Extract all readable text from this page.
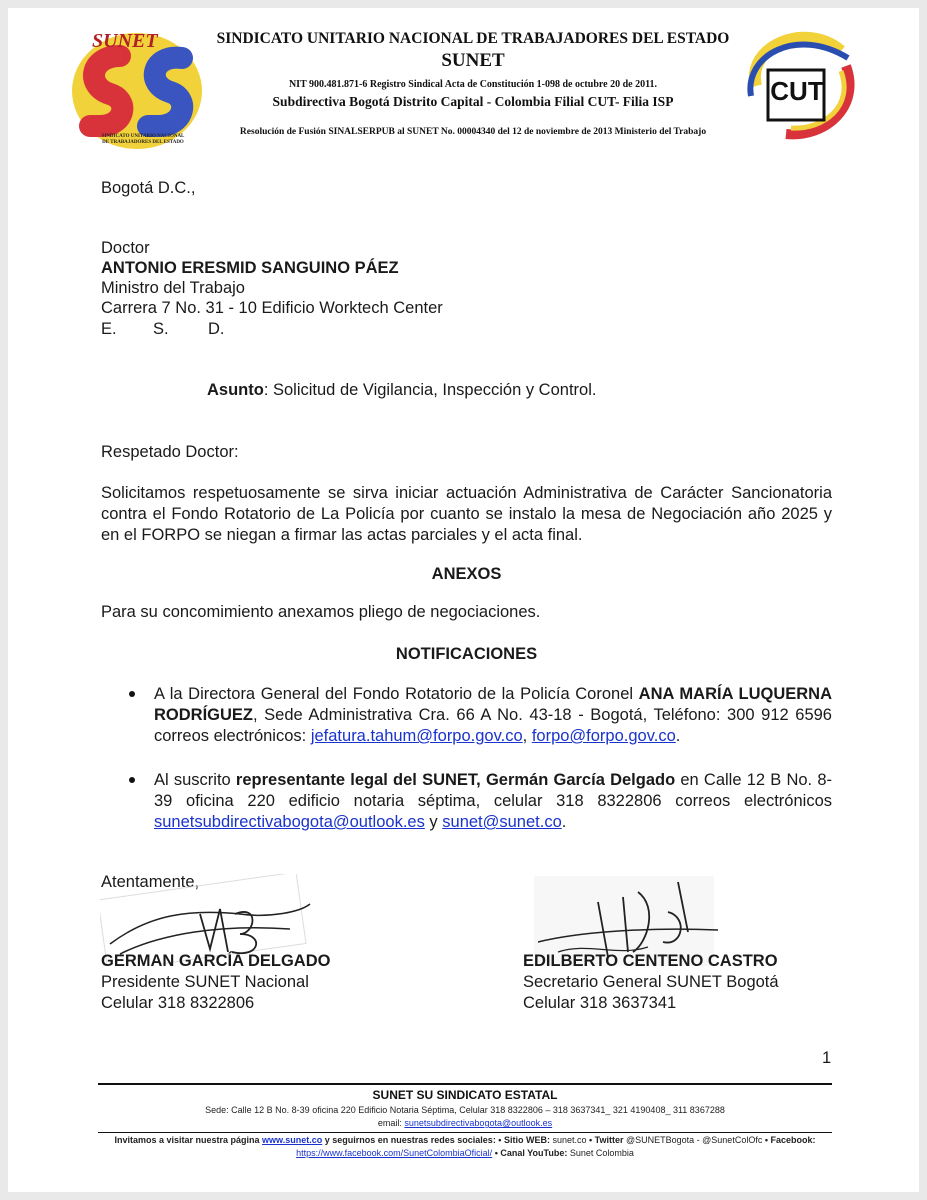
SUNET
SINDICATO UNITARIO NACIONAL DE TRABAJADORES DEL ESTADO
SINDICATO UNITARIO NACIONAL DE TRABAJADORES DEL ESTADO
SUNET
NIT 900.481.871-6 Registro Sindical Acta de Constitución 1-098 de octubre 20 de 2011.
Subdirectiva Bogotá Distrito Capital - Colombia Filial CUT- Filia ISP
Resolución de Fusión SINALSERPUB al SUNET No. 00004340 del 12 de noviembre de 2013 Ministerio del Trabajo
CUT
Bogotá D.C.,
Doctor
ANTONIO ERESMID SANGUINO PÁEZ
Ministro del Trabajo
Carrera 7 No. 31 - 10 Edificio Worktech Center
E. S. D.
Asunto: Solicitud de Vigilancia, Inspección y Control.
Respetado Doctor:
Solicitamos respetuosamente se sirva iniciar actuación Administrativa de Carácter Sancionatoria contra el Fondo Rotatorio de La Policía por cuanto se instalo la mesa de Negociación año 2025 y en el FORPO se niegan a firmar las actas parciales y el acta final.
ANEXOS
Para su concomimiento anexamos pliego de negociaciones.
NOTIFICACIONES
A la Directora General del Fondo Rotatorio de la Policía Coronel ANA MARÍA LUQUERNA RODRÍGUEZ, Sede Administrativa Cra. 66 A No. 43-18 - Bogotá, Teléfono: 300 912 6596 correos electrónicos: jefatura.tahum@forpo.gov.co, forpo@forpo.gov.co.
Al suscrito representante legal del SUNET, Germán García Delgado en Calle 12 B No. 8-39 oficina 220 edificio notaria séptima, celular 318 8322806 correos electrónicos sunetsubdirectivabogota@outlook.es y sunet@sunet.co.
Atentamente,
GERMAN GARCÍA DELGADO
Presidente SUNET Nacional
Celular 318 8322806
EDILBERTO CENTENO CASTRO
Secretario General SUNET Bogotá
Celular 318 3637341
1
SUNET SU SINDICATO ESTATAL
Sede: Calle 12 B No. 8-39 oficina 220 Edificio Notaria Séptima, Celular 318 8322806 – 318 3637341_ 321 4190408_ 311 8367288
email: sunetsubdirectivabogota@outlook.es
Invitamos a visitar nuestra página www.sunet.co y seguirnos en nuestras redes sociales: • Sitio WEB: sunet.co • Twitter @SUNETBogota - @SunetColOfc • Facebook:
https://www.facebook.com/SunetColombiaOficial/ • Canal YouTube: Sunet Colombia
